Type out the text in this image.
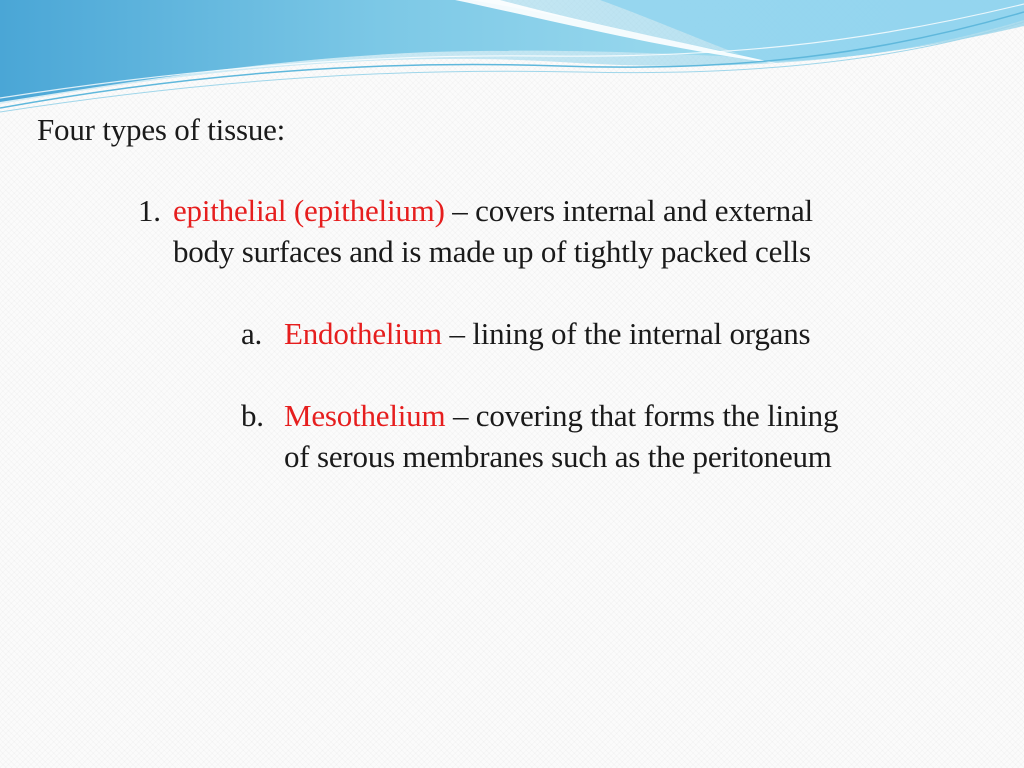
Four types of tissue:

1. epithelial (epithelium) – covers internal and external

body surfaces and is made up of tightly packed cells

a. Endothelium – lining of the internal organs

b. Mesothelium – covering that forms the lining

of serous membranes such as the peritoneum
